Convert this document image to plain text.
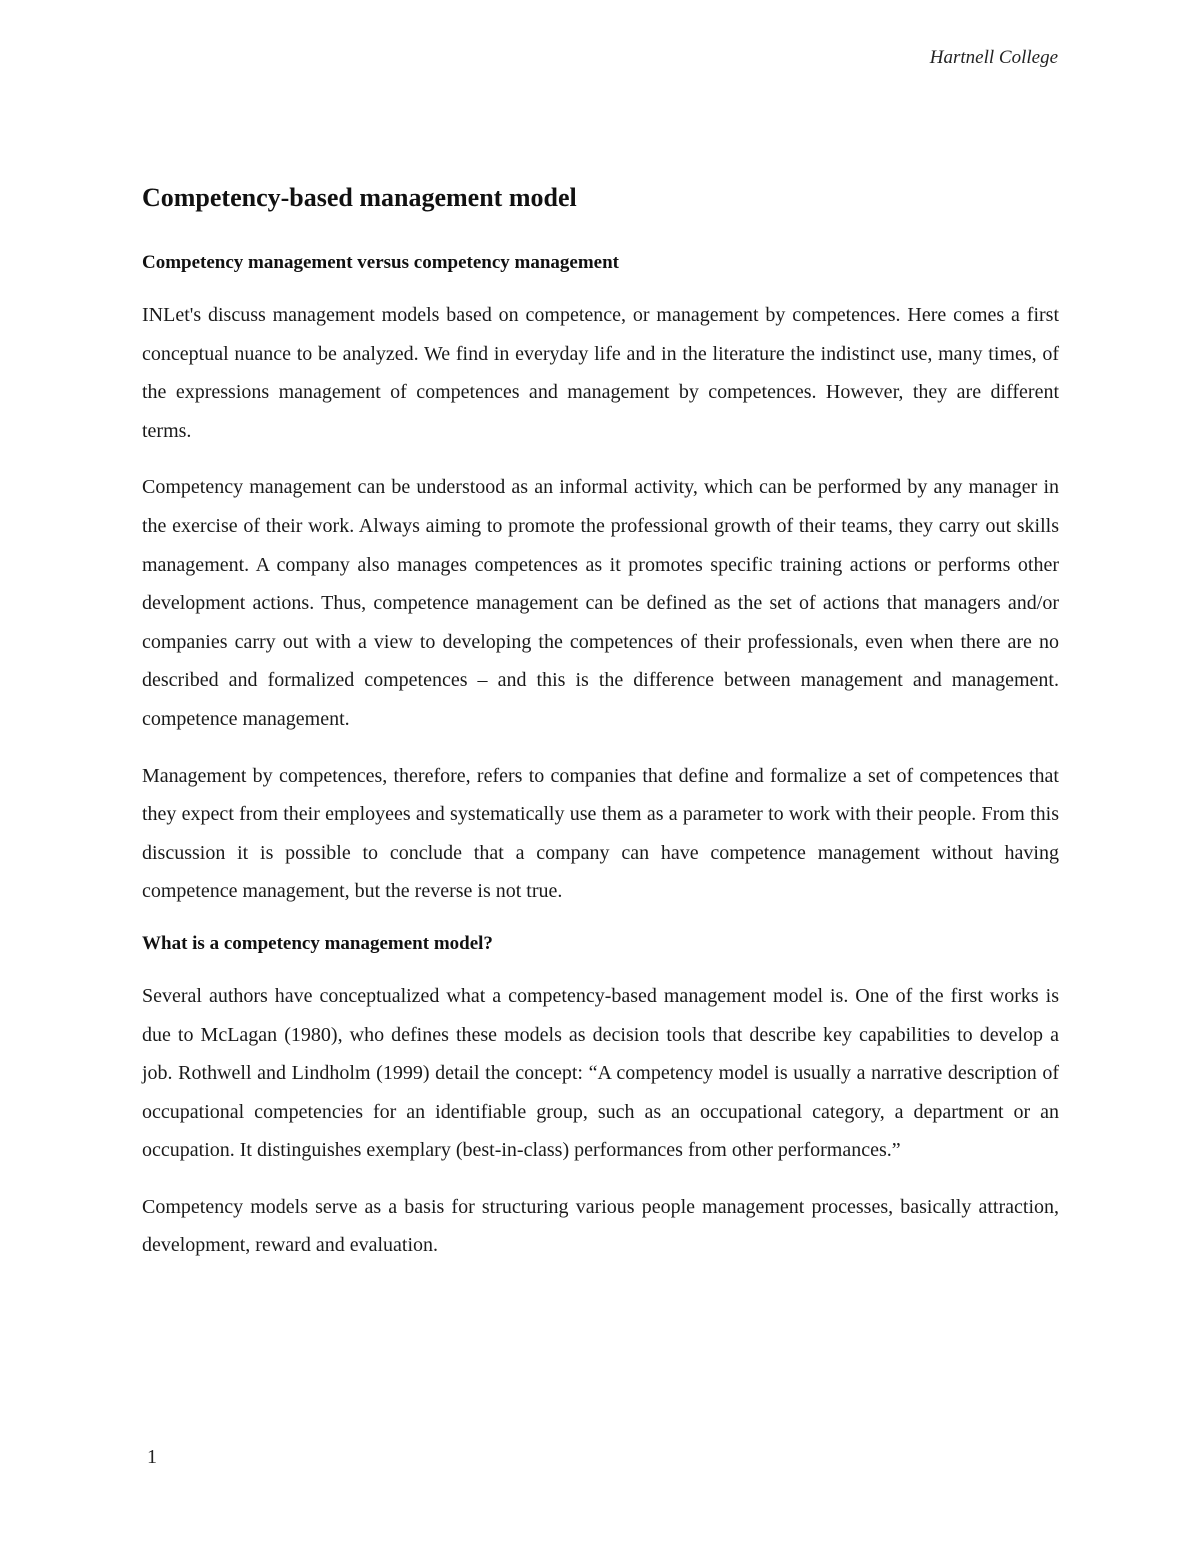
Hartnell College
Competency-based management model
Competency management versus competency management

INLet's discuss management models based on competence, or management by competences. Here comes a first conceptual nuance to be analyzed. We find in everyday life and in the literature the indistinct use, many times, of the expressions management of competences and management by competences. However, they are different terms.

Competency management can be understood as an informal activity, which can be performed by any manager in the exercise of their work. Always aiming to promote the professional growth of their teams, they carry out skills management. A company also manages competences as it promotes specific training actions or performs other development actions. Thus, competence management can be defined as the set of actions that managers and/or companies carry out with a view to developing the competences of their professionals, even when there are no described and formalized competences – and this is the difference between management and management. competence management.

Management by competences, therefore, refers to companies that define and formalize a set of competences that they expect from their employees and systematically use them as a parameter to work with their people. From this discussion it is possible to conclude that a company can have competence management without having competence management, but the reverse is not true.

What is a competency management model?

Several authors have conceptualized what a competency-based management model is. One of the first works is due to McLagan (1980), who defines these models as decision tools that describe key capabilities to develop a job. Rothwell and Lindholm (1999) detail the concept: “A competency model is usually a narrative description of occupational competencies for an identifiable group, such as an occupational category, a department or an occupation. It distinguishes exemplary (best-in-class) performances from other performances.”

Competency models serve as a basis for structuring various people management processes, basically attraction, development, reward and evaluation.

1
